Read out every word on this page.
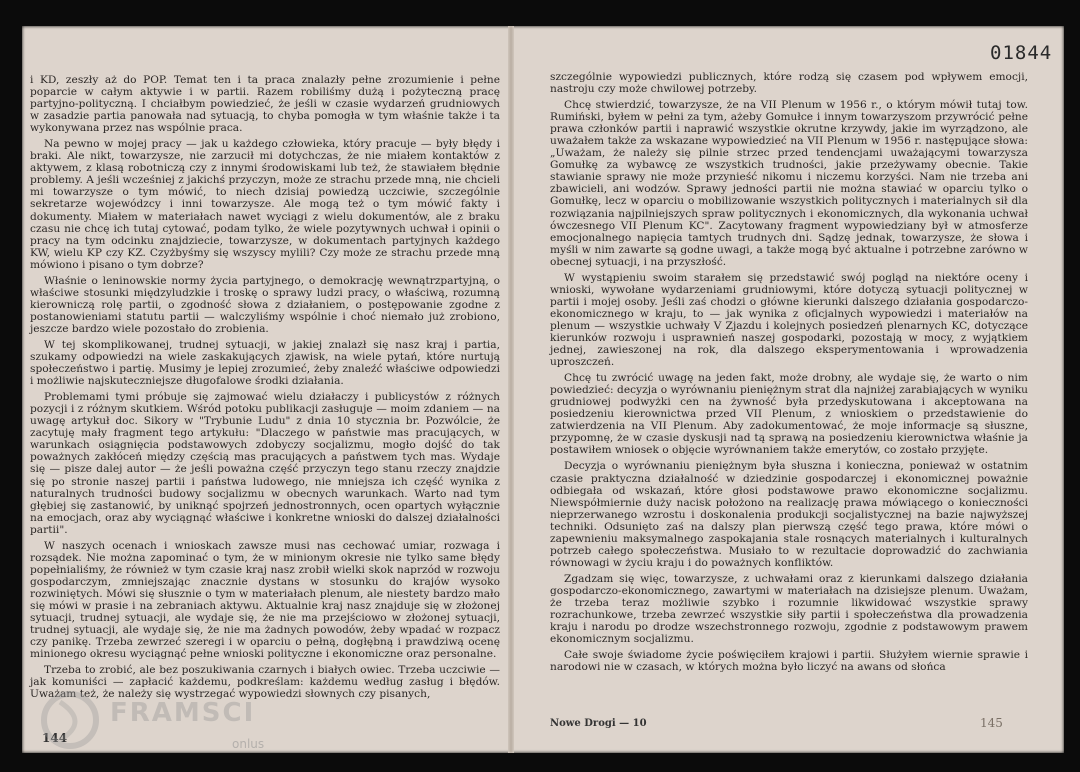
i KD, zeszły aż do POP. Temat ten i ta praca znalazły pełne zrozumienie i pełne poparcie w całym aktywie i w partii. Razem robiliśmy dużą i pożyteczną pracę partyjno-polityczną. I chciałbym powiedzieć, że jeśli w czasie wydarzeń grudniowych w zasadzie partia panowała nad sytuacją, to chyba pomogła w tym właśnie także i ta wykonywana przez nas wspólnie praca.

Na pewno w mojej pracy — jak u każdego człowieka, który pracuje — były błędy i braki. Ale nikt, towarzysze, nie zarzucił mi dotychczas, że nie miałem kontaktów z aktywem, z klasą robotniczą czy z innymi środowiskami lub też, że stawiałem błędnie problemy. A jeśli wcześniej z jakichś przyczyn, może ze strachu przede mną, nie chcieli mi towarzysze o tym mówić, to niech dzisiaj powiedzą uczciwie, szczególnie sekretarze wojewódzcy i inni towarzysze. Ale mogą też o tym mówić fakty i dokumenty. Miałem w materiałach nawet wyciągi z wielu dokumentów, ale z braku czasu nie chcę ich tutaj cytować, podam tylko, że wiele pozytywnych uchwał i opinii o pracy na tym odcinku znajdziecie, towarzysze, w dokumentach partyjnych każdego KW, wielu KP czy KZ. Czyżbyśmy się wszyscy mylili? Czy może ze strachu przede mną mówiono i pisano o tym dobrze?

Właśnie o leninowskie normy życia partyjnego, o demokrację wewnątrzpartyjną, o właściwe stosunki międzyludzkie i troskę o sprawy ludzi pracy, o właściwą, rozumną kierowniczą rolę partii, o zgodność słowa z działaniem, o postępowanie zgodne z postanowieniami statutu partii — walczyliśmy wspólnie i choć niemało już zrobiono, jeszcze bardzo wiele pozostało do zrobienia.

W tej skomplikowanej, trudnej sytuacji, w jakiej znalazł się nasz kraj i partia, szukamy odpowiedzi na wiele zaskakujących zjawisk, na wiele pytań, które nurtują społeczeństwo i partię. Musimy je lepiej zrozumieć, żeby znaleźć właściwe odpowiedzi i możliwie najskuteczniejsze długofalowe środki działania.

Problemami tymi próbuje się zajmować wielu działaczy i publicystów z różnych pozycji i z różnym skutkiem. Wśród potoku publikacji zasługuje — moim zdaniem — na uwagę artykuł doc. Sikory w "Trybunie Ludu" z dnia 10 stycznia br. Pozwólcie, że zacytuję mały fragment tego artykułu: "Dlaczego w państwie mas pracujących, w warunkach osiągnięcia podstawowych zdobyczy socjalizmu, mogło dojść do tak poważnych zakłóceń między częścią mas pracujących a państwem tych mas. Wydaje się — pisze dalej autor — że jeśli poważna część przyczyn tego stanu rzeczy znajdzie się po stronie naszej partii i państwa ludowego, nie mniejsza ich część wynika z naturalnych trudności budowy socjalizmu w obecnych warunkach. Warto nad tym głębiej się zastanowić, by uniknąć spojrzeń jednostronnych, ocen opartych wyłącznie na emocjach, oraz aby wyciągnąć właściwe i konkretne wnioski do dalszej działalności partii".

W naszych ocenach i wnioskach zawsze musi nas cechować umiar, rozwaga i rozsądek. Nie można zapominać o tym, że w minionym okresie nie tylko same błędy popełnialiśmy, że również w tym czasie kraj nasz zrobił wielki skok naprzód w rozwoju gospodarczym, zmniejszając znacznie dystans w stosunku do krajów wysoko rozwiniętych. Mówi się słusznie o tym w materiałach plenum, ale niestety bardzo mało się mówi w prasie i na zebraniach aktywu. Aktualnie kraj nasz znajduje się w złożonej sytuacji, trudnej sytuacji, ale wydaje się, że nie ma przejściowo w złożonej sytuacji, trudnej sytuacji, ale wydaje się, że nie ma żadnych powodów, żeby wpadać w rozpacz czy panikę. Trzeba zewrzeć szeregi i w oparciu o pełną, dogłębną i prawdziwą ocenę minionego okresu wyciągnąć pełne wnioski polityczne i ekonomiczne oraz personalne.

Trzeba to zrobić, ale bez poszukiwania czarnych i białych owiec. Trzeba uczciwie — jak komuniści — zapłacić każdemu, podkreślam: każdemu według zasług i błędów. Uważam też, że należy się wystrzegać wypowiedzi słownych czy pisanych,

144
01844

szczególnie wypowiedzi publicznych, które rodzą się czasem pod wpływem emocji, nastroju czy może chwilowej potrzeby.

Chcę stwierdzić, towarzysze, że na VII Plenum w 1956 r., o którym mówił tutaj tow. Rumiński, byłem w pełni za tym, ażeby Gomułce i innym towarzyszom przywrócić pełne prawa członków partii i naprawić wszystkie okrutne krzywdy, jakie im wyrządzono, ale uważałem także za wskazane wypowiedzieć na VII Plenum w 1956 r. następujące słowa: „Uważam, że należy się pilnie strzec przed tendencjami uważającymi towarzysza Gomułkę za wybawcę ze wszystkich trudności, jakie przeżywamy obecnie. Takie stawianie sprawy nie może przynieść nikomu i niczemu korzyści. Nam nie trzeba ani zbawicieli, ani wodzów. Sprawy jedności partii nie można stawiać w oparciu tylko o Gomułkę, lecz w oparciu o mobilizowanie wszystkich politycznych i materialnych sił dla rozwiązania najpilniejszych spraw politycznych i ekonomicznych, dla wykonania uchwał ówczesnego VII Plenum KC". Zacytowany fragment wypowiedziany był w atmosferze emocjonalnego napięcia tamtych trudnych dni. Sądzę jednak, towarzysze, że słowa i myśli w nim zawarte są godne uwagi, a także mogą być aktualne i potrzebne zarówno w obecnej sytuacji, i na przyszłość.

W wystąpieniu swoim starałem się przedstawić swój pogląd na niektóre oceny i wnioski, wywołane wydarzeniami grudniowymi, które dotyczą sytuacji politycznej w partii i mojej osoby. Jeśli zaś chodzi o główne kierunki dalszego działania gospodarczo-ekonomicznego w kraju, to — jak wynika z oficjalnych wypowiedzi i materiałów na plenum — wszystkie uchwały V Zjazdu i kolejnych posiedzeń plenarnych KC, dotyczące kierunków rozwoju i usprawnień naszej gospodarki, pozostają w mocy, z wyjątkiem jednej, zawieszonej na rok, dla dalszego eksperymentowania i wprowadzenia uproszczeń.

Chcę tu zwrócić uwagę na jeden fakt, może drobny, ale wydaje się, że warto o nim powiedzieć: decyzja o wyrównaniu pieniężnym strat dla najniżej zarabiających w wyniku grudniowej podwyżki cen na żywność była przedyskutowana i akceptowana na posiedzeniu kierownictwa przed VII Plenum, z wnioskiem o przedstawienie do zatwierdzenia na VII Plenum. Aby zadokumentować, że moje informacje są słuszne, przypomnę, że w czasie dyskusji nad tą sprawą na posiedzeniu kierownictwa właśnie ja postawiłem wniosek o objęcie wyrównaniem także emerytów, co zostało przyjęte.

Decyzja o wyrównaniu pieniężnym była słuszna i konieczna, ponieważ w ostatnim czasie praktyczna działalność w dziedzinie gospodarczej i ekonomicznej poważnie odbiegała od wskazań, które głosi podstawowe prawo ekonomiczne socjalizmu. Niewspółmiernie duży nacisk położono na realizację prawa mówiącego o konieczności nieprzerwanego wzrostu i doskonalenia produkcji socjalistycznej na bazie najwyższej techniki. Odsunięto zaś na dalszy plan pierwszą część tego prawa, które mówi o zapewnieniu maksymalnego zaspokajania stale rosnących materialnych i kulturalnych potrzeb całego społeczeństwa. Musiało to w rezultacie doprowadzić do zachwiania równowagi w życiu kraju i do poważnych konfliktów.

Zgadzam się więc, towarzysze, z uchwałami oraz z kierunkami dalszego działania gospodarczo-ekonomicznego, zawartymi w materiałach na dzisiejsze plenum. Uważam, że trzeba teraz możliwie szybko i rozumnie likwidować wszystkie sprawy rozrachunkowe, trzeba zewrzeć wszystkie siły partii i społeczeństwa dla prowadzenia kraju i narodu po drodze wszechstronnego rozwoju, zgodnie z podstawowym prawem ekonomicznym socjalizmu.

Całe swoje świadome życie poświęciłem krajowi i partii. Służyłem wiernie sprawie i narodowi nie w czasach, w których można było liczyć na awans od słońca

Nowe Drogi — 10	145
FRAMSCI
onlus
